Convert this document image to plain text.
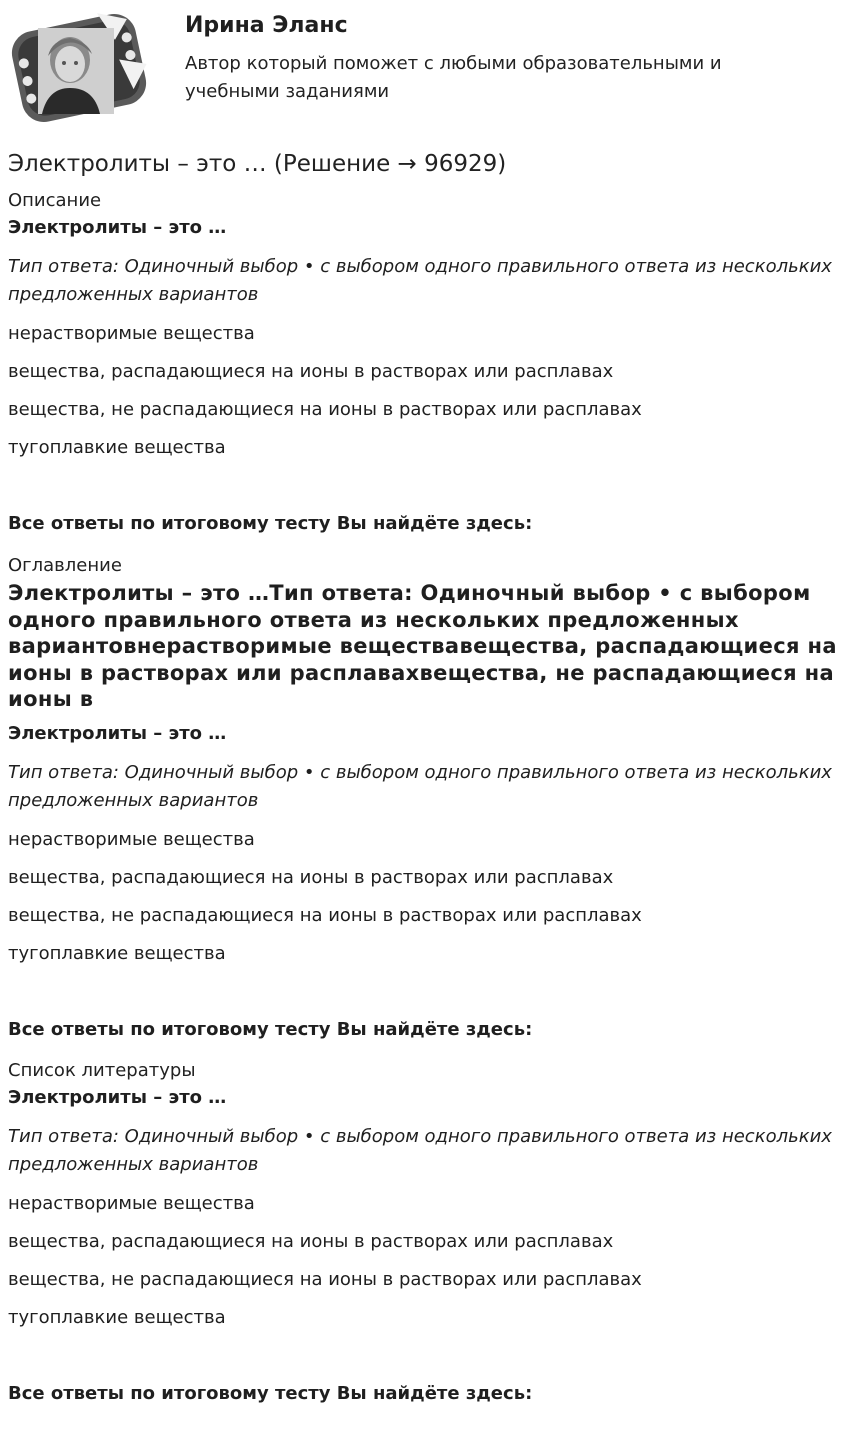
Ирина Эланс
Автор который поможет с любыми образовательными и учебными заданиями
Электролиты – это … (Решение → 96929)

Описание

Электролиты – это …

Тип ответа: Одиночный выбор • с выбором одного правильного ответа из нескольких предложенных вариантов

нерастворимые вещества

вещества, распадающиеся на ионы в растворах или расплавах

вещества, не распадающиеся на ионы в растворах или расплавах

тугоплавкие вещества

Все ответы по итоговому тесту Вы найдёте здесь:

Оглавление

Электролиты – это …Тип ответа: Одиночный выбор • с выбором одного правильного ответа из нескольких предложенных вариантовнерастворимые веществавещества, распадающиеся на ионы в растворах или расплавахвещества, не распадающиеся на ионы в

Электролиты – это …

Тип ответа: Одиночный выбор • с выбором одного правильного ответа из нескольких предложенных вариантов

нерастворимые вещества

вещества, распадающиеся на ионы в растворах или расплавах

вещества, не распадающиеся на ионы в растворах или расплавах

тугоплавкие вещества

Все ответы по итоговому тесту Вы найдёте здесь:

Список литературы

Электролиты – это …

Тип ответа: Одиночный выбор • с выбором одного правильного ответа из нескольких предложенных вариантов

нерастворимые вещества

вещества, распадающиеся на ионы в растворах или расплавах

вещества, не распадающиеся на ионы в растворах или расплавах

тугоплавкие вещества

Все ответы по итоговому тесту Вы найдёте здесь:
